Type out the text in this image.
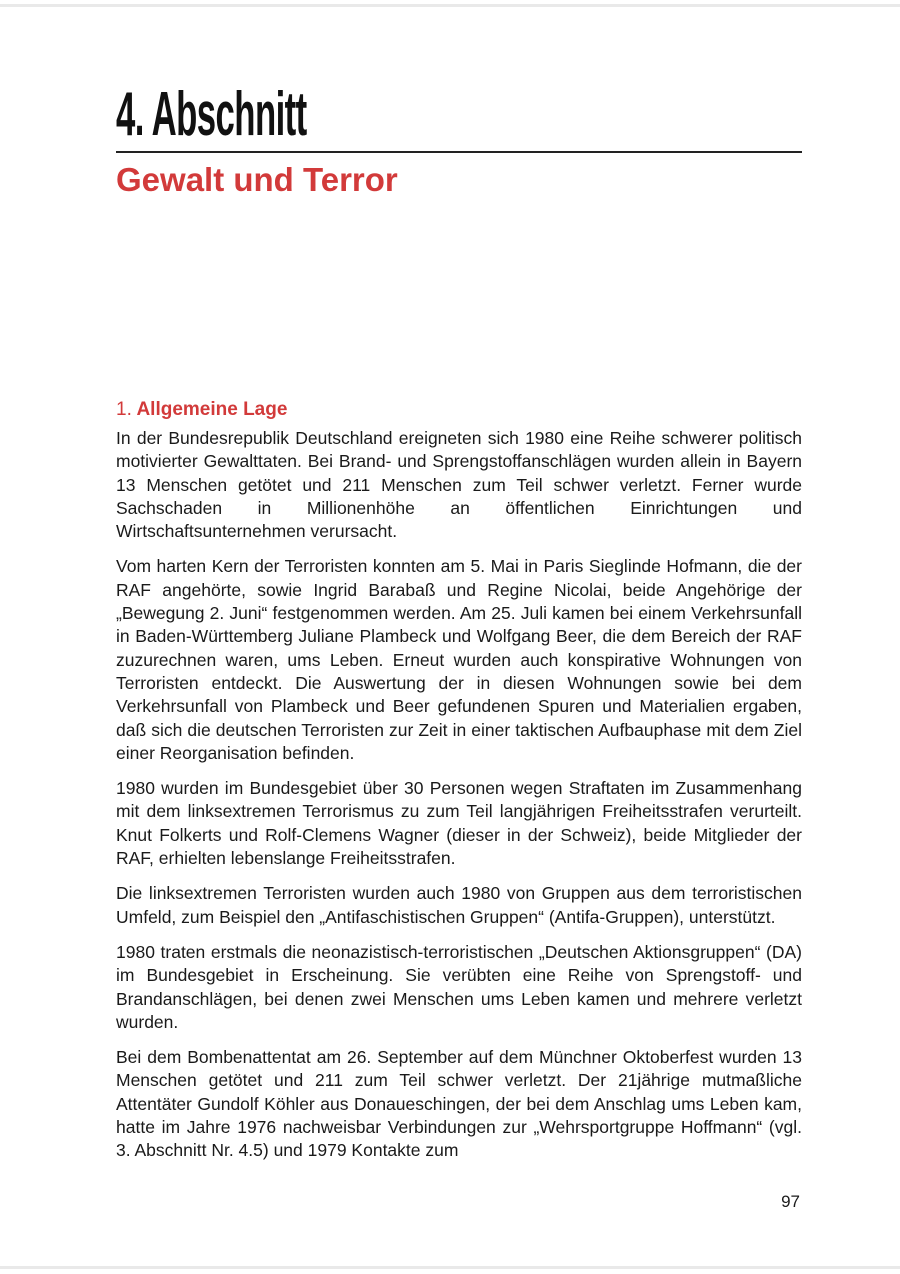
4. Abschnitt
Gewalt und Terror
1. Allgemeine Lage

In der Bundesrepublik Deutschland ereigneten sich 1980 eine Reihe schwerer politisch motivierter Gewalttaten. Bei Brand- und Sprengstoffanschlägen wurden allein in Bayern 13 Menschen getötet und 211 Menschen zum Teil schwer verletzt. Ferner wurde Sachschaden in Millionenhöhe an öffentlichen Einrichtungen und Wirtschaftsunternehmen verursacht.

Vom harten Kern der Terroristen konnten am 5. Mai in Paris Sieglinde Hofmann, die der RAF angehörte, sowie Ingrid Barabaß und Regine Nicolai, beide Angehörige der „Bewegung 2. Juni“ festgenommen werden. Am 25. Juli kamen bei einem Verkehrsunfall in Baden-Württemberg Juliane Plambeck und Wolfgang Beer, die dem Bereich der RAF zuzurechnen waren, ums Leben. Erneut wurden auch konspirative Wohnungen von Terroristen entdeckt. Die Auswertung der in diesen Wohnungen sowie bei dem Verkehrsunfall von Plambeck und Beer gefundenen Spuren und Materialien ergaben, daß sich die deutschen Terroristen zur Zeit in einer taktischen Aufbauphase mit dem Ziel einer Reorganisation befinden.

1980 wurden im Bundesgebiet über 30 Personen wegen Straftaten im Zusammenhang mit dem linksextremen Terrorismus zu zum Teil langjährigen Freiheitsstrafen verurteilt. Knut Folkerts und Rolf-Clemens Wagner (dieser in der Schweiz), beide Mitglieder der RAF, erhielten lebenslange Freiheitsstrafen.

Die linksextremen Terroristen wurden auch 1980 von Gruppen aus dem terroristischen Umfeld, zum Beispiel den „Antifaschistischen Gruppen“ (Antifa-Gruppen), unterstützt.

1980 traten erstmals die neonazistisch-terroristischen „Deutschen Aktionsgruppen“ (DA) im Bundesgebiet in Erscheinung. Sie verübten eine Reihe von Sprengstoff- und Brandanschlägen, bei denen zwei Menschen ums Leben kamen und mehrere verletzt wurden.

Bei dem Bombenattentat am 26. September auf dem Münchner Oktoberfest wurden 13 Menschen getötet und 211 zum Teil schwer verletzt. Der 21jährige mutmaßliche Attentäter Gundolf Köhler aus Donaueschingen, der bei dem Anschlag ums Leben kam, hatte im Jahre 1976 nachweisbar Verbindungen zur „Wehrsportgruppe Hoffmann“ (vgl. 3. Abschnitt Nr. 4.5) und 1979 Kontakte zum

97
